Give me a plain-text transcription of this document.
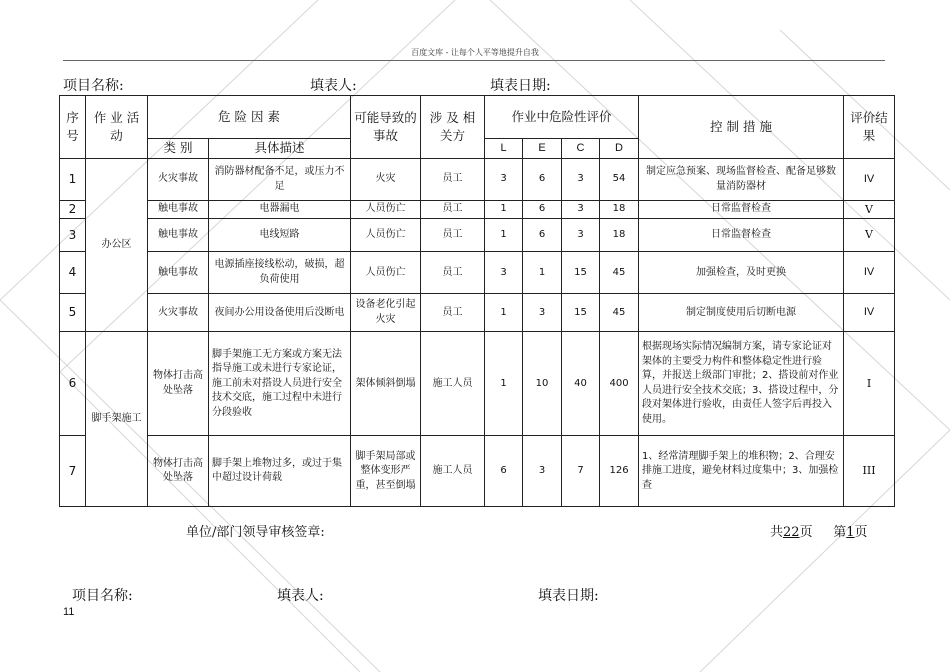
百度文库 - 让每个人平等地提升自我
项目名称:	填表人:	填表日期:
序号	作 业 活 动	危 险 因 素		可能导致的事故	涉 及 相关方	作业中危险性评价				控 制 措 施	评价结果
		类 别	具体描述			L	E	C	D		
1	办公区	火灾事故	消防器材配备不足，或压力不足	火灾	员工	3	6	3	54	制定应急预案、现场监督检查、配备足够数量消防器材	IV
2		触电事故	电器漏电	人员伤亡	员工	1	6	3	18	日常监督检查	V
3		触电事故	电线短路	人员伤亡	员工	1	6	3	18	日常监督检查	V
4		触电事故	电源插座接线松动，破损，超负荷使用	人员伤亡	员工	3	1	15	45	加强检查，及时更换	IV
5		火灾事故	夜间办公用设备使用后没断电	设备老化引起火灾	员工	1	3	15	45	制定制度使用后切断电源	IV
6	脚手架施工	物体打击高处坠落	脚手架施工无方案或方案无法指导施工或未进行专家论证，施工前未对搭设人员进行安全技术交底，施工过程中未进行分段验收	架体倾斜倒塌	施工人员	1	10	40	400	根据现场实际情况编制方案，请专家论证对架体的主要受力构件和整体稳定性进行验算，并报送上级部门审批；2、搭设前对作业人员进行安全技术交底；3、搭设过程中，分段对架体进行验收，由责任人签字后再投入使用。	I
7		物体打击高处坠落	脚手架上堆物过多，或过于集中超过设计荷载	脚手架局部或整体变形严重，甚至倒塌	施工人员	6	3	7	126	1、经常清理脚手架上的堆积物；2、合理安排施工进度，避免材料过度集中；3、加强检查	III
单位/部门领导审核签章:	共22页 第1页
项目名称:	填表人:	填表日期:
11
